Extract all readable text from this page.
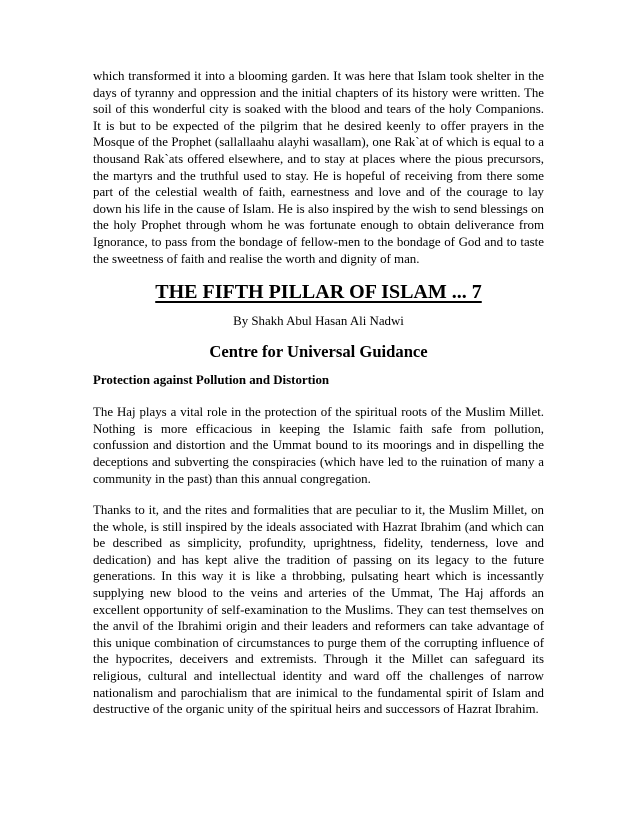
which transformed it into a blooming garden. It was here that Islam took shelter in the days of tyranny and oppression and the initial chapters of its history were written. The soil of this wonderful city is soaked with the blood and tears of the holy Companions. It is but to be expected of the pilgrim that he desired keenly to offer prayers in the Mosque of the Prophet (sallallaahu alayhi wasallam), one Rak`at of which is equal to a thousand Rak`ats offered elsewhere, and to stay at places where the pious precursors, the martyrs and the truthful used to stay. He is hopeful of receiving from there some part of the celestial wealth of faith, earnestness and love and of the courage to lay down his life in the cause of Islam. He is also inspired by the wish to send blessings on the holy Prophet through whom he was fortunate enough to obtain deliverance from Ignorance, to pass from the bondage of fellow-men to the bondage of God and to taste the sweetness of faith and realise the worth and dignity of man.

THE FIFTH PILLAR OF ISLAM ... 7

By Shakh Abul Hasan Ali Nadwi

Centre for Universal Guidance
Protection against Pollution and Distortion

The Haj plays a vital role in the protection of the spiritual roots of the Muslim Millet. Nothing is more efficacious in keeping the Islamic faith safe from pollution, confussion and distortion and the Ummat bound to its moorings and in dispelling the deceptions and subverting the conspiracies (which have led to the ruination of many a community in the past) than this annual congregation.

Thanks to it, and the rites and formalities that are peculiar to it, the Muslim Millet, on the whole, is still inspired by the ideals associated with Hazrat Ibrahim (and which can be described as simplicity, profundity, uprightness, fidelity, tenderness, love and dedication) and has kept alive the tradition of passing on its legacy to the future generations. In this way it is like a throbbing, pulsating heart which is incessantly supplying new blood to the veins and arteries of the Ummat, The Haj affords an excellent opportunity of self-examination to the Muslims. They can test themselves on the anvil of the Ibrahimi origin and their leaders and reformers can take advantage of this unique combination of circumstances to purge them of the corrupting influence of the hypocrites, deceivers and extremists. Through it the Millet can safeguard its religious, cultural and intellectual identity and ward off the challenges of narrow nationalism and parochialism that are inimical to the fundamental spirit of Islam and destructive of the organic unity of the spiritual heirs and successors of Hazrat Ibrahim.
